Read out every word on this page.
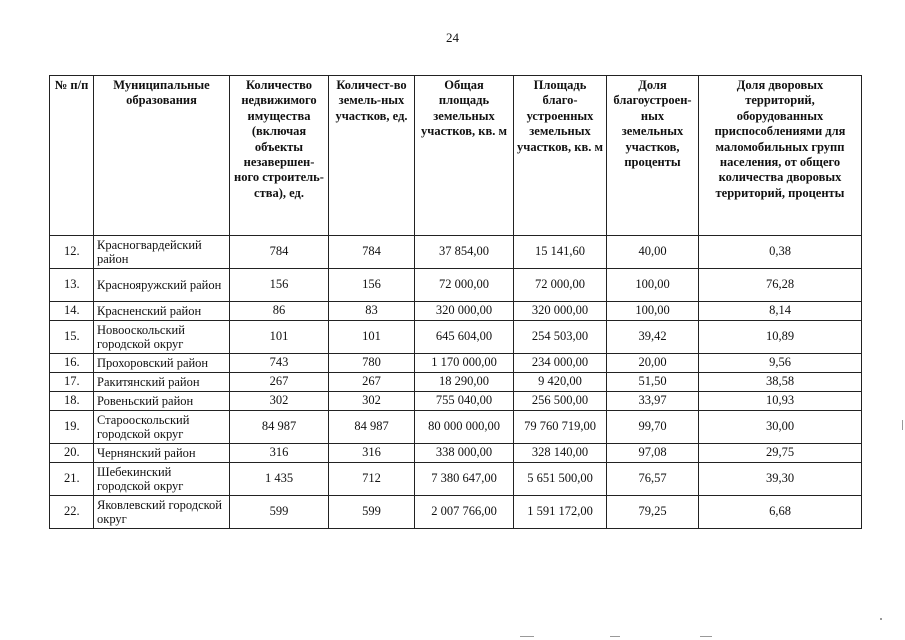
24
№ п/п	Муниципальные образования	Количество недвижимого имущества (включая объекты незавершен-ного строитель-ства), ед.	Количест-во земель-ных участков, ед.	Общая площадь земельных участков, кв. м	Площадь благо-устроенных земельных участков, кв. м	Доля благоустроен-ных земельных участков, проценты	Доля дворовых территорий, оборудованных приспособлениями для маломобильных групп населения, от общего количества дворовых территорий, проценты
12.	Красногвардейский район	784	784	37 854,00	15 141,60	40,00	0,38
13.	Краснояружский район	156	156	72 000,00	72 000,00	100,00	76,28
14.	Красненский район	86	83	320 000,00	320 000,00	100,00	8,14
15.	Новооскольский городской округ	101	101	645 604,00	254 503,00	39,42	10,89
16.	Прохоровский район	743	780	1 170 000,00	234 000,00	20,00	9,56
17.	Ракитянский район	267	267	18 290,00	9 420,00	51,50	38,58
18.	Ровеньский район	302	302	755 040,00	256 500,00	33,97	10,93
19.	Старооскольский городской округ	84 987	84 987	80 000 000,00	79 760 719,00	99,70	30,00
20.	Чернянский район	316	316	338 000,00	328 140,00	97,08	29,75
21.	Шебекинский городской округ	1 435	712	7 380 647,00	5 651 500,00	76,57	39,30
22.	Яковлевский городской округ	599	599	2 007 766,00	1 591 172,00	79,25	6,68
